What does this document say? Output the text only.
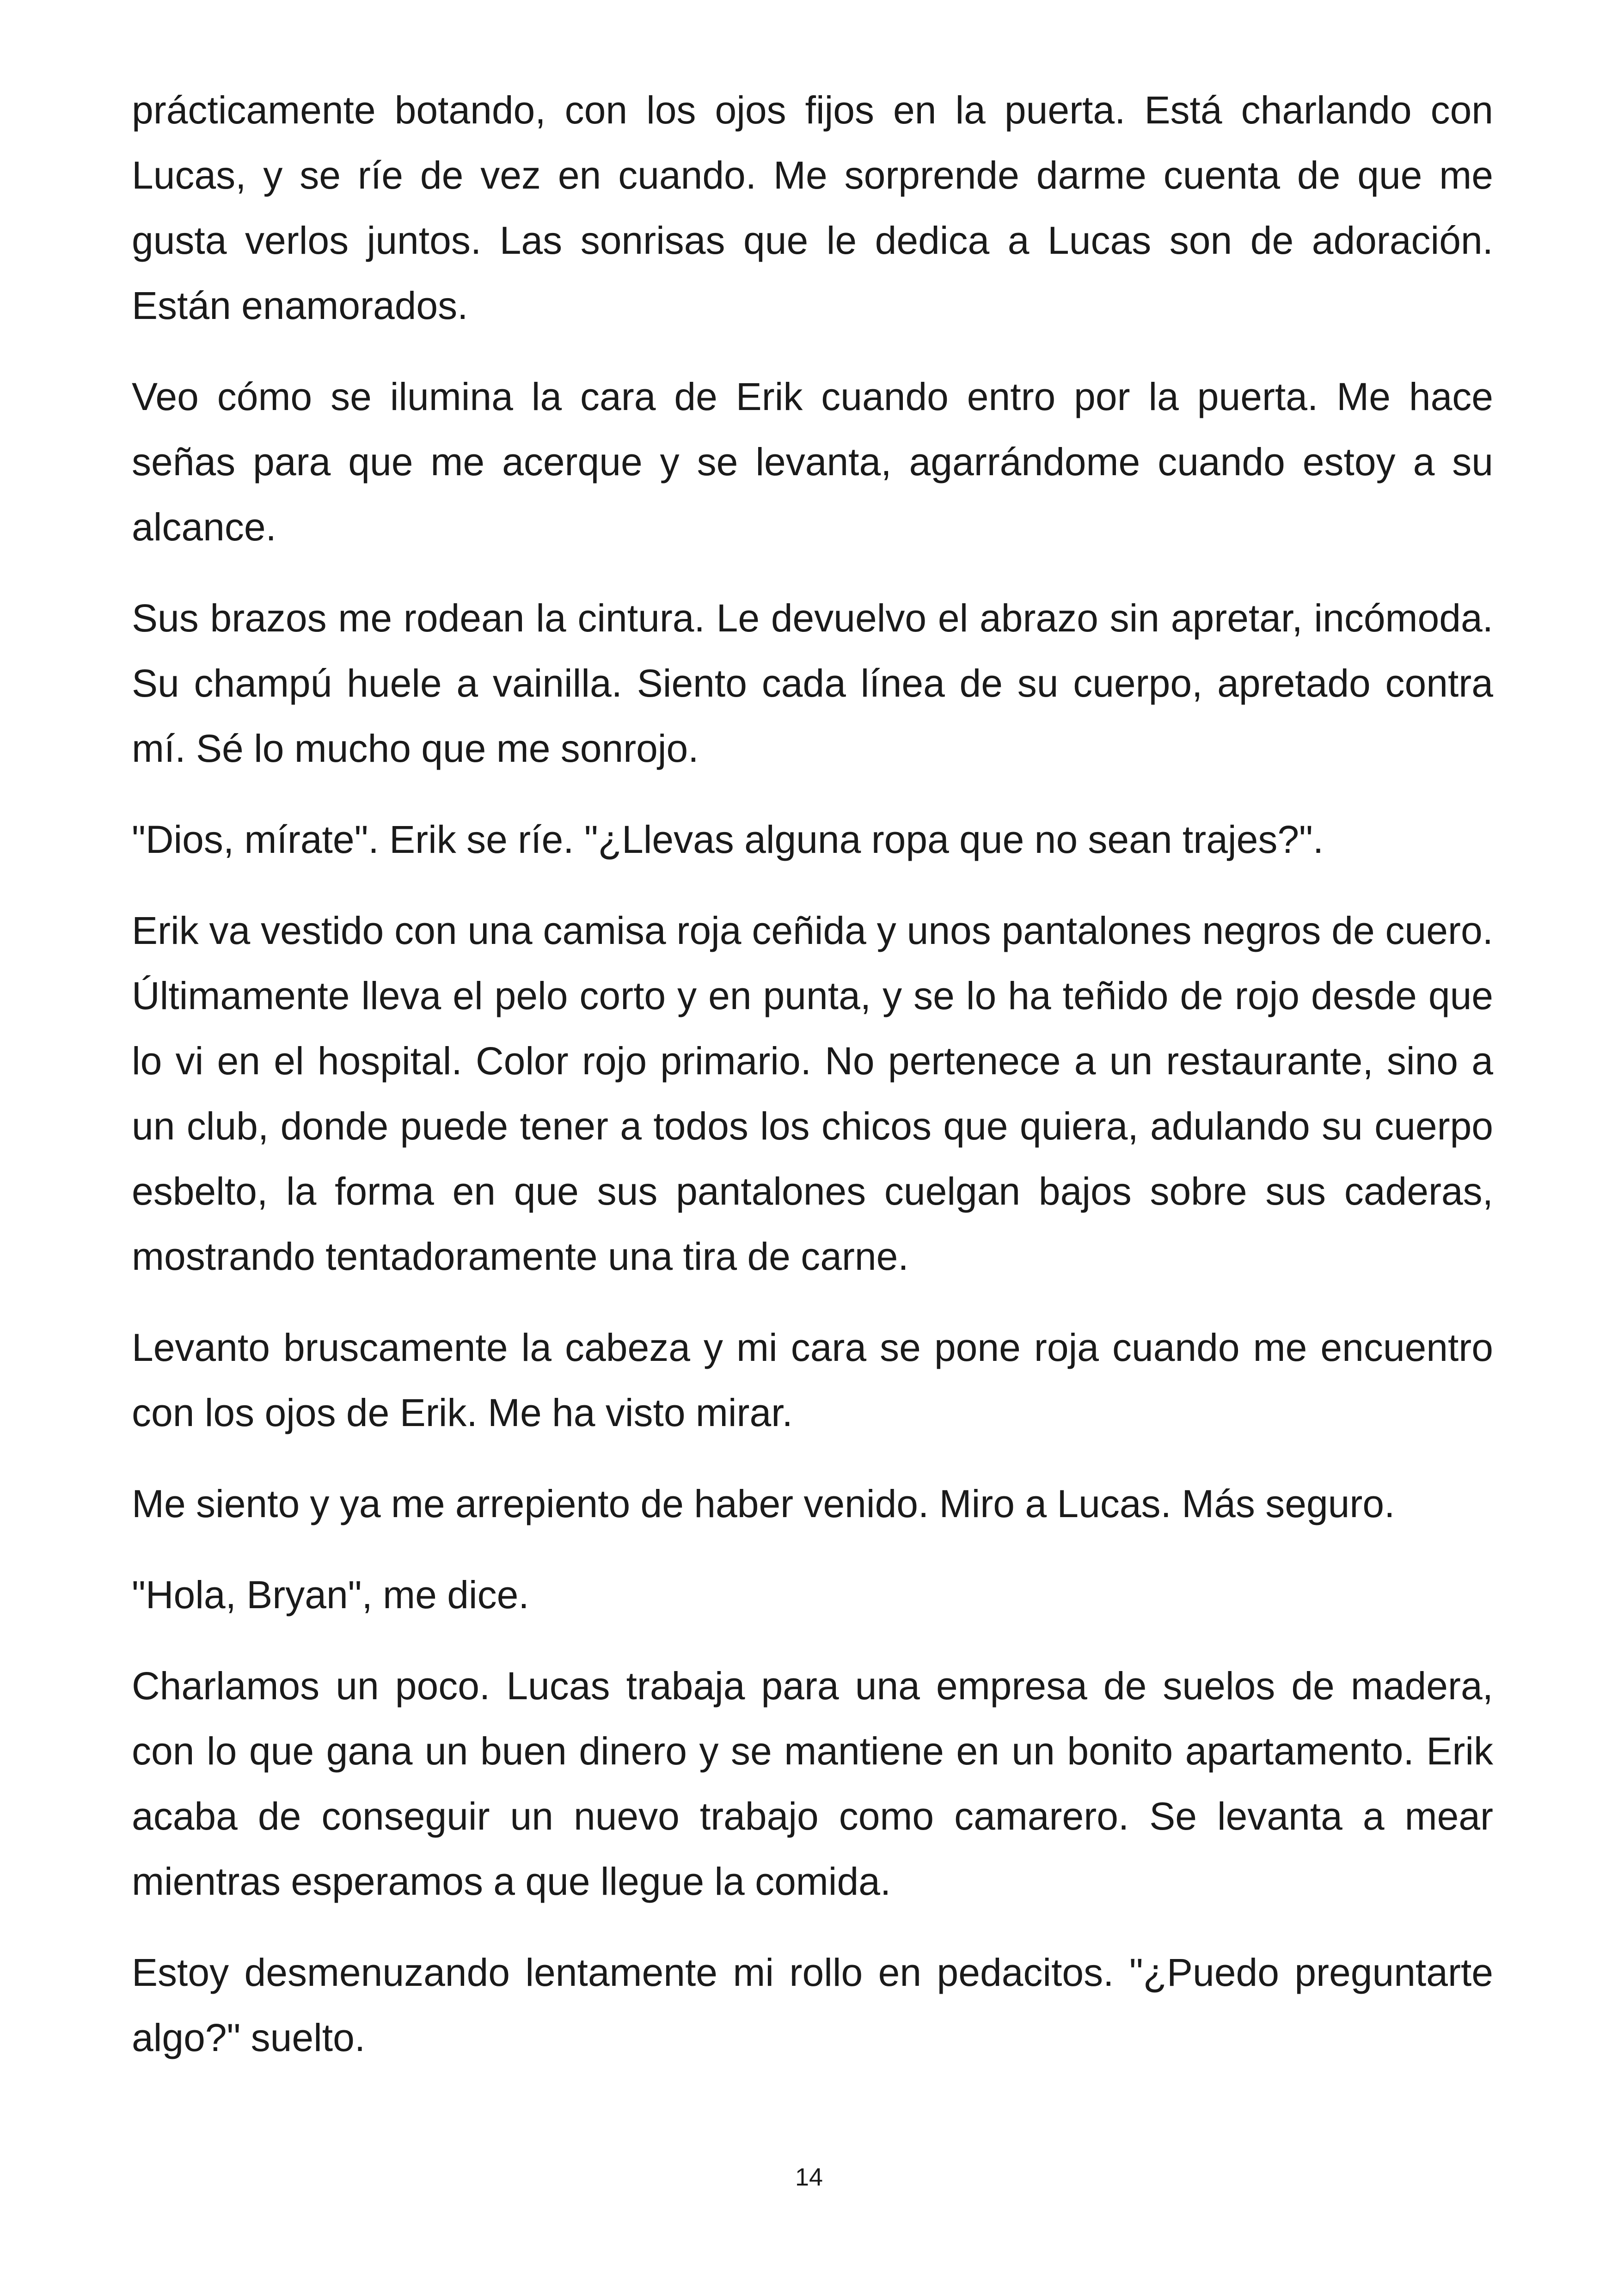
prácticamente botando, con los ojos fijos en la puerta. Está charlando con Lucas, y se ríe de vez en cuando. Me sorprende darme cuenta de que me gusta verlos juntos. Las sonrisas que le dedica a Lucas son de adoración. Están enamorados.

Veo cómo se ilumina la cara de Erik cuando entro por la puerta. Me hace señas para que me acerque y se levanta, agarrándome cuando estoy a su alcance.

Sus brazos me rodean la cintura. Le devuelvo el abrazo sin apretar, incómoda. Su champú huele a vainilla. Siento cada línea de su cuerpo, apretado contra mí. Sé lo mucho que me sonrojo.

"Dios, mírate". Erik se ríe. "¿Llevas alguna ropa que no sean trajes?".

Erik va vestido con una camisa roja ceñida y unos pantalones negros de cuero. Últimamente lleva el pelo corto y en punta, y se lo ha teñido de rojo desde que lo vi en el hospital. Color rojo primario. No pertenece a un restaurante, sino a un club, donde puede tener a todos los chicos que quiera, adulando su cuerpo esbelto, la forma en que sus pantalones cuelgan bajos sobre sus caderas, mostrando tentadoramente una tira de carne.

Levanto bruscamente la cabeza y mi cara se pone roja cuando me encuentro con los ojos de Erik. Me ha visto mirar.

Me siento y ya me arrepiento de haber venido. Miro a Lucas. Más seguro.

"Hola, Bryan", me dice.

Charlamos un poco. Lucas trabaja para una empresa de suelos de madera, con lo que gana un buen dinero y se mantiene en un bonito apartamento. Erik acaba de conseguir un nuevo trabajo como camarero. Se levanta a mear mientras esperamos a que llegue la comida.

Estoy desmenuzando lentamente mi rollo en pedacitos. "¿Puedo preguntarte algo?" suelto.

14
